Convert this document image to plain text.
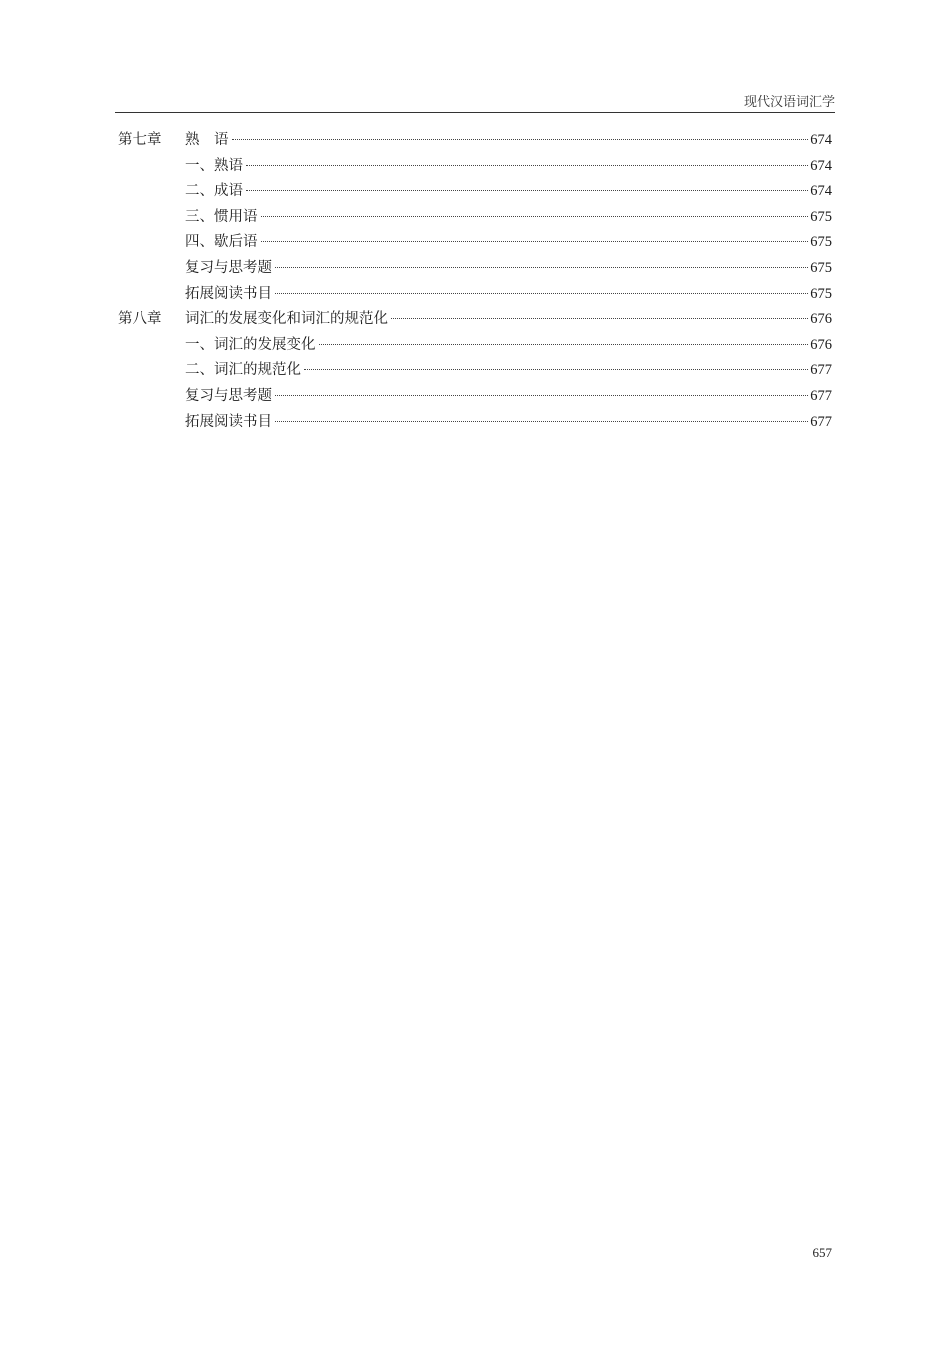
现代汉语词汇学
第七章	熟　语	674
一、熟语	674
二、成语	674
三、惯用语	675
四、歇后语	675
复习与思考题	675
拓展阅读书目	675
第八章	词汇的发展变化和词汇的规范化	676
一、词汇的发展变化	676
二、词汇的规范化	677
复习与思考题	677
拓展阅读书目	677
657
